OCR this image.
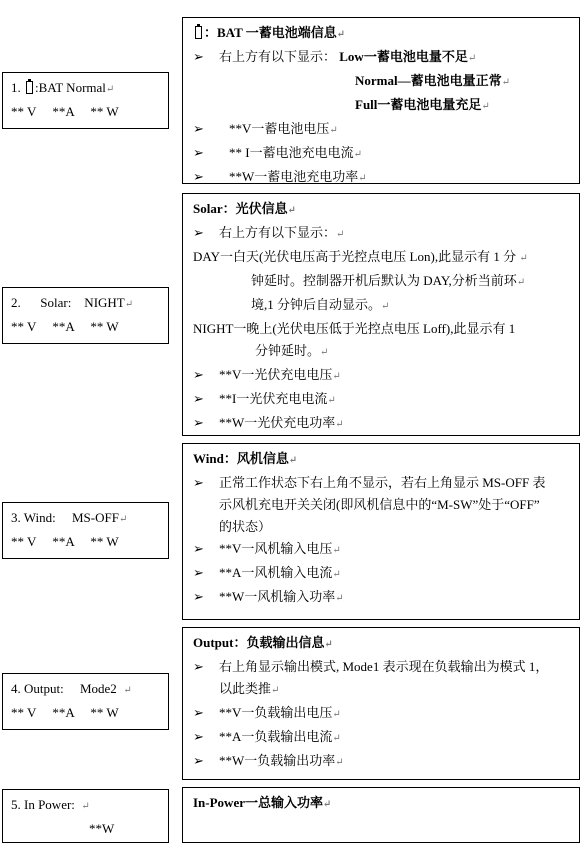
1. :BAT Normal↵
** V     **A     ** W
2.      Solar:    NIGHT↵
** V     **A     ** W
3. Wind:     MS-OFF↵
** V     **A     ** W
4. Output:     Mode2 ↵
** V     **A     ** W
5. In Power: ↵
**W
：BAT 一蓄电池端信息↵
➢ 右上方有以下显示： Low一蓄电池电量不足↵
Normal—蓄电池电量正常↵
Full一蓄电池电量充足↵
➢ **V一蓄电池电压↵
➢ ** I一蓄电池充电电流↵
➢ **W一蓄电池充电功率↵
Solar：光伏信息↵
➢ 右上方有以下显示：↵
DAY一白天(光伏电压高于光控点电压 Lon),此显示有 1 分 ↵
钟延时。控制器开机后默认为 DAY,分析当前环↵
境,1 分钟后自动显示。↵
NIGHT一晚上(光伏电压低于光控点电压 Loff),此显示有 1
分钟延时。↵
➢ **V一光伏充电电压↵
➢ **I一光伏充电电流↵
➢ **W一光伏充电功率↵
Wind：风机信息↵
➢ 正常工作状态下右上角不显示，若右上角显示 MS-OFF 表
示风机充电开关关闭(即风机信息中的“M-SW”处于“OFF”
的状态）
➢ **V一风机输入电压↵
➢ **A一风机输入电流↵
➢ **W一风机输入功率↵
Output：负载输出信息↵
➢ 右上角显示输出模式, Mode1 表示现在负载输出为模式 1，
以此类推↵
➢ **V一负载输出电压↵
➢ **A一负载输出电流↵
➢ **W一负载输出功率↵
In-Power一总输入功率↵
